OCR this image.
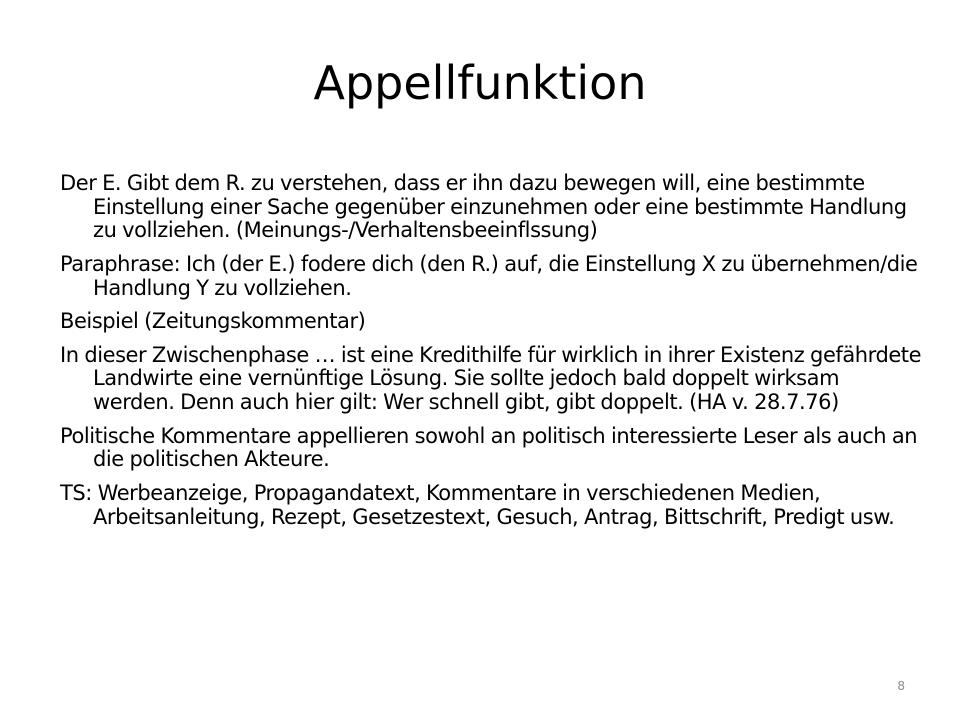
Appellfunktion

Der E. Gibt dem R. zu verstehen, dass er ihn dazu bewegen will, eine bestimmte Einstellung einer Sache gegenüber einzunehmen oder eine bestimmte Handlung zu vollziehen. (Meinungs-/Verhaltensbeeinflssung)

Paraphrase: Ich (der E.) fodere dich (den R.) auf, die Einstellung X zu übernehmen/die Handlung Y zu vollziehen.

Beispiel (Zeitungskommentar)

In dieser Zwischenphase … ist eine Kredithilfe für wirklich in ihrer Existenz gefährdete Landwirte eine vernünftige Lösung. Sie sollte jedoch bald doppelt wirksam werden. Denn auch hier gilt: Wer schnell gibt, gibt doppelt. (HA v. 28.7.76)

Politische Kommentare appellieren sowohl an politisch interessierte Leser als auch an die politischen Akteure.

TS: Werbeanzeige, Propagandatext, Kommentare in verschiedenen Medien, Arbeitsanleitung, Rezept, Gesetzestext, Gesuch, Antrag, Bittschrift, Predigt usw.

8
